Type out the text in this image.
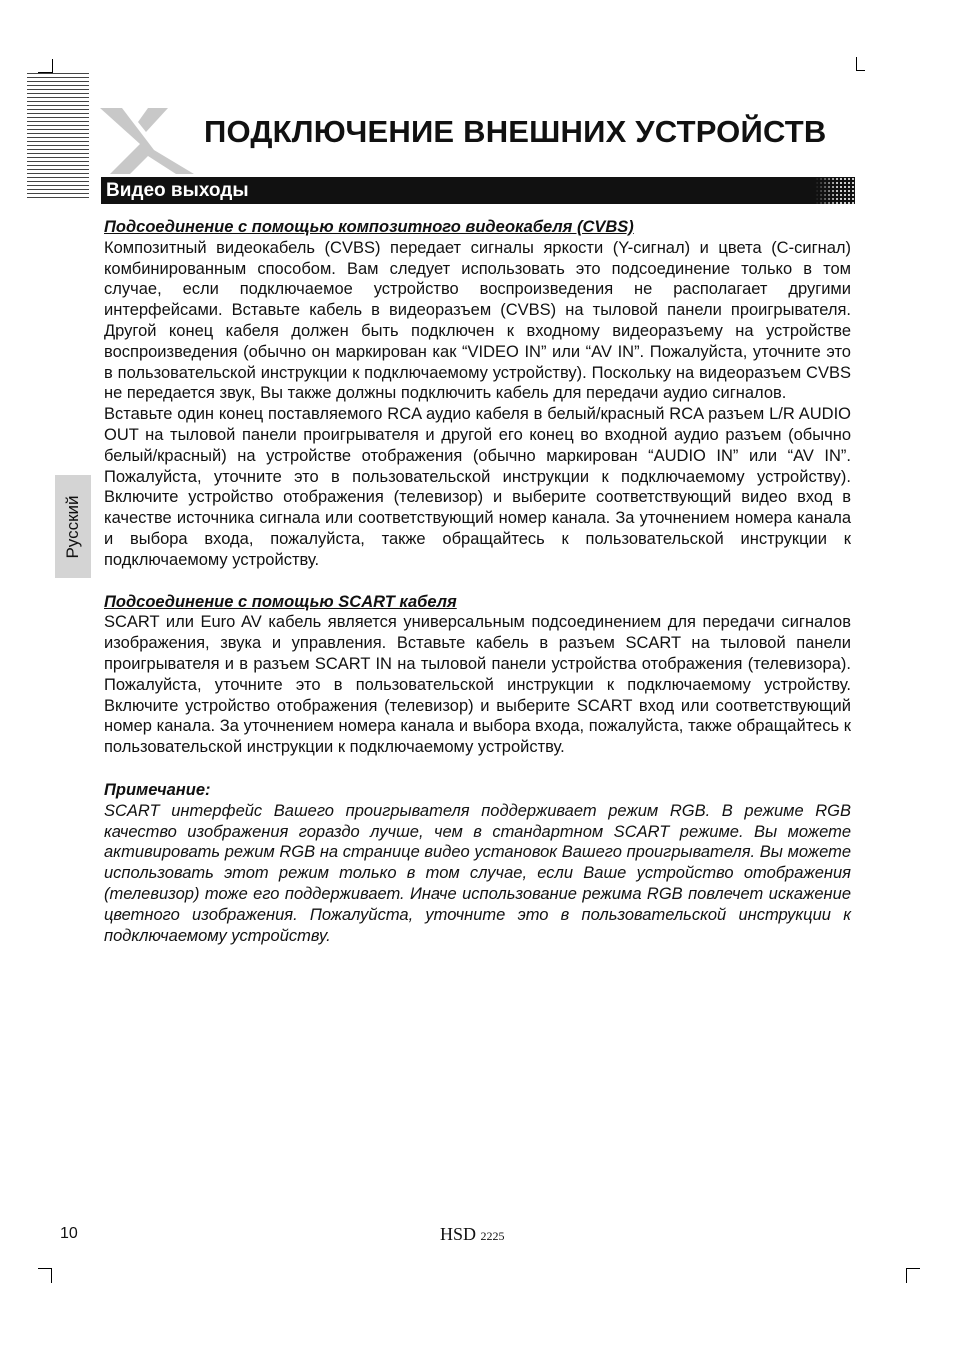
ПОДКЛЮЧЕНИЕ ВНЕШНИХ УСТРОЙСТВ
Видео выходы
Русский

Подсоединение с помощью композитного видеокабеля (CVBS)

Композитный видеокабель (CVBS) передает сигналы яркости (Y-сигнал) и цвета (C-сигнал) комбинированным способом. Вам следует использовать это подсоединение только в том случае, если подключаемое устройство воспроизведения не располагает другими интерфейсами. Вставьте кабель в видеоразъем (CVBS) на тыловой панели проигрывателя. Другой конец кабеля должен быть подключен к входному видеоразъему на устройстве воспроизведения (обычно он маркирован как “VIDEO IN” или “AV IN”. Пожалуйста, уточните это в пользовательской инструкции к подключаемому устройству). Поскольку на видеоразъем CVBS не передается звук, Вы также должны подключить кабель для передачи аудио сигналов.

Вставьте один конец поставляемого RCA аудио кабеля в белый/красный RCA разъем L/R AUDIO OUT на тыловой панели проигрывателя и другой его конец во входной аудио разъем (обычно белый/красный) на устройстве отображения (обычно маркирован “AUDIO IN” или “AV IN”. Пожалуйста, уточните это в пользовательской инструкции к подключаемому устройству). Включите устройство отображения (телевизор) и выберите соответствующий видео вход в качестве источника сигнала или соответствующий номер канала. За уточнением номера канала и выбора входа, пожалуйста, также обращайтесь к пользовательской инструкции к подключаемому устройству.

Подсоединение с помощью SCART кабеля

SCART или Euro AV кабель является универсальным подсоединением для передачи сигналов изображения, звука и управления. Вставьте кабель в разъем SCART на тыловой панели проигрывателя и в разъем SCART IN на тыловой панели устройства отображения (телевизора). Пожалуйста, уточните это в пользовательской инструкции к подключаемому устройству. Включите устройство отображения (телевизор) и выберите SCART вход или соответствующий номер канала. За уточнением номера канала и выбора входа, пожалуйста, также обращайтесь к пользовательской инструкции к подключаемому устройству.

Примечание:

SCART интерфейс Вашего проигрывателя поддерживает режим RGB. В режиме RGB качество изображения гораздо лучше, чем в стандартном SCART режиме. Вы можете активировать режим RGB на странице видео установок Вашего проигрывателя. Вы можете использовать этот режим только в том случае, если Ваше устройство отображения (телевизор) тоже его поддерживает. Иначе использование режима RGB повлечет искажение цветного изображения. Пожалуйста, уточните это в пользовательской инструкции к подключаемому устройству.

10	HSD 2225
